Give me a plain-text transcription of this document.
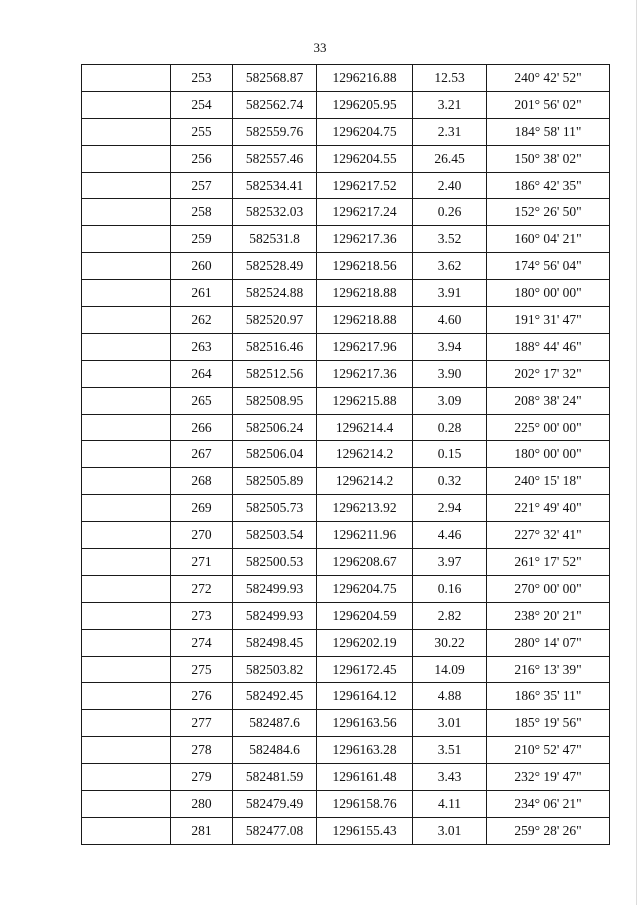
33
	253	582568.87	1296216.88	12.53	240° 42' 52"
	254	582562.74	1296205.95	3.21	201° 56' 02"
	255	582559.76	1296204.75	2.31	184° 58' 11"
	256	582557.46	1296204.55	26.45	150° 38' 02"
	257	582534.41	1296217.52	2.40	186° 42' 35"
	258	582532.03	1296217.24	0.26	152° 26' 50"
	259	582531.8	1296217.36	3.52	160° 04' 21"
	260	582528.49	1296218.56	3.62	174° 56' 04"
	261	582524.88	1296218.88	3.91	180° 00' 00"
	262	582520.97	1296218.88	4.60	191° 31' 47"
	263	582516.46	1296217.96	3.94	188° 44' 46"
	264	582512.56	1296217.36	3.90	202° 17' 32"
	265	582508.95	1296215.88	3.09	208° 38' 24"
	266	582506.24	1296214.4	0.28	225° 00' 00"
	267	582506.04	1296214.2	0.15	180° 00' 00"
	268	582505.89	1296214.2	0.32	240° 15' 18"
	269	582505.73	1296213.92	2.94	221° 49' 40"
	270	582503.54	1296211.96	4.46	227° 32' 41"
	271	582500.53	1296208.67	3.97	261° 17' 52"
	272	582499.93	1296204.75	0.16	270° 00' 00"
	273	582499.93	1296204.59	2.82	238° 20' 21"
	274	582498.45	1296202.19	30.22	280° 14' 07"
	275	582503.82	1296172.45	14.09	216° 13' 39"
	276	582492.45	1296164.12	4.88	186° 35' 11"
	277	582487.6	1296163.56	3.01	185° 19' 56"
	278	582484.6	1296163.28	3.51	210° 52' 47"
	279	582481.59	1296161.48	3.43	232° 19' 47"
	280	582479.49	1296158.76	4.11	234° 06' 21"
	281	582477.08	1296155.43	3.01	259° 28' 26"
